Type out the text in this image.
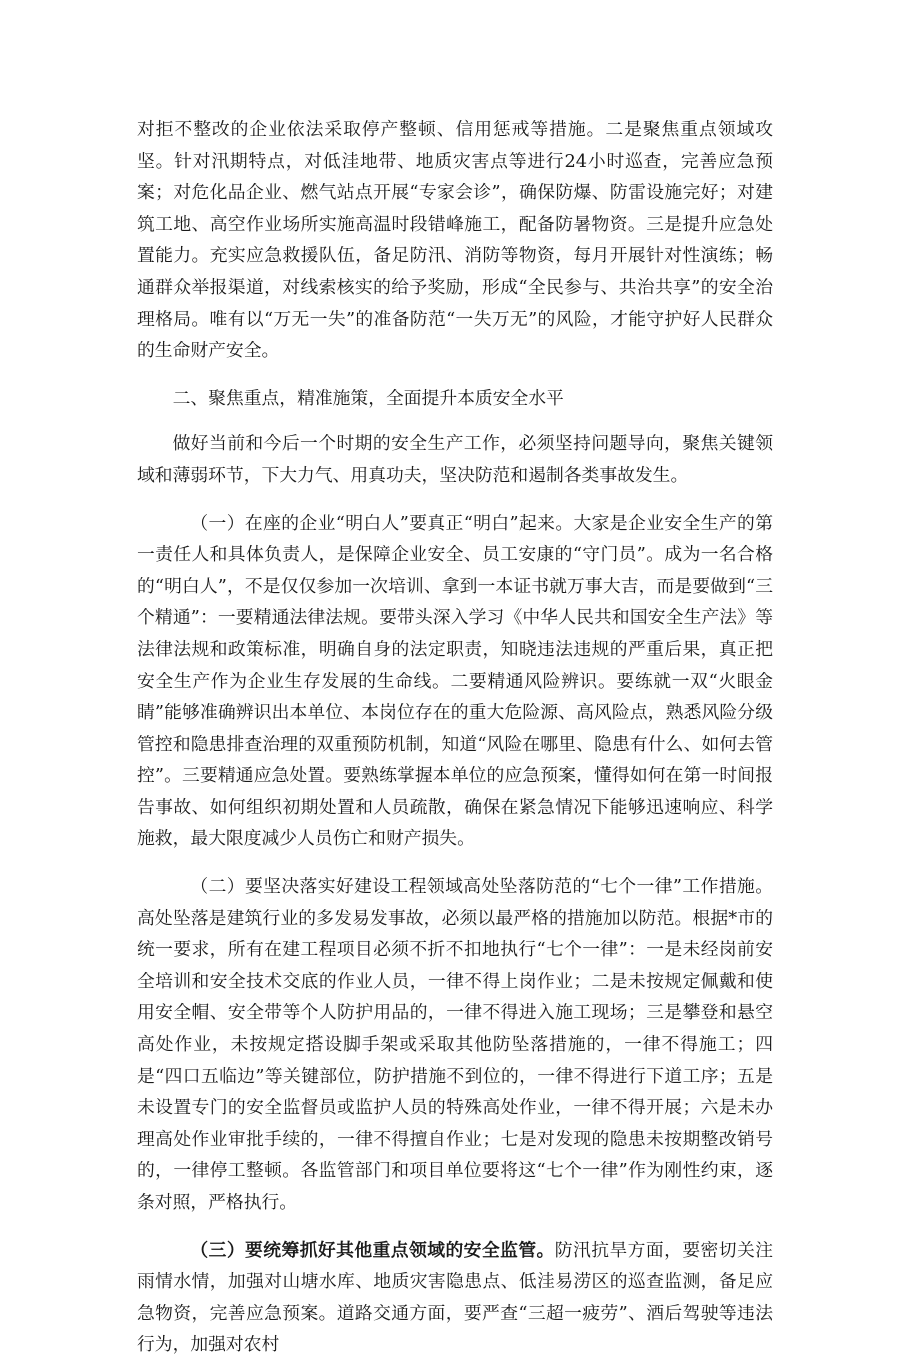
对拒不整改的企业依法采取停产整顿、信用惩戒等措施。二是聚焦重点领域攻坚。针对汛期特点，对低洼地带、地质灾害点等进行24小时巡查，完善应急预案；对危化品企业、燃气站点开展“专家会诊”，确保防爆、防雷设施完好；对建筑工地、高空作业场所实施高温时段错峰施工，配备防暑物资。三是提升应急处置能力。充实应急救援队伍，备足防汛、消防等物资，每月开展针对性演练；畅通群众举报渠道，对线索核实的给予奖励，形成“全民参与、共治共享”的安全治理格局。唯有以“万无一失”的准备防范“一失万无”的风险，才能守护好人民群众的生命财产安全。

二、聚焦重点，精准施策，全面提升本质安全水平

做好当前和今后一个时期的安全生产工作，必须坚持问题导向，聚焦关键领域和薄弱环节，下大力气、用真功夫，坚决防范和遏制各类事故发生。

（一）在座的企业“明白人”要真正“明白”起来。大家是企业安全生产的第一责任人和具体负责人，是保障企业安全、员工安康的“守门员”。成为一名合格的“明白人”，不是仅仅参加一次培训、拿到一本证书就万事大吉，而是要做到“三个精通”：一要精通法律法规。要带头深入学习《中华人民共和国安全生产法》等法律法规和政策标准，明确自身的法定职责，知晓违法违规的严重后果，真正把安全生产作为企业生存发展的生命线。二要精通风险辨识。要练就一双“火眼金睛”能够准确辨识出本单位、本岗位存在的重大危险源、高风险点，熟悉风险分级管控和隐患排查治理的双重预防机制，知道“风险在哪里、隐患有什么、如何去管控”。三要精通应急处置。要熟练掌握本单位的应急预案，懂得如何在第一时间报告事故、如何组织初期处置和人员疏散，确保在紧急情况下能够迅速响应、科学施救，最大限度减少人员伤亡和财产损失。

（二）要坚决落实好建设工程领域高处坠落防范的“七个一律”工作措施。高处坠落是建筑行业的多发易发事故，必须以最严格的措施加以防范。根据*市的统一要求，所有在建工程项目必须不折不扣地执行“七个一律”：一是未经岗前安全培训和安全技术交底的作业人员，一律不得上岗作业；二是未按规定佩戴和使用安全帽、安全带等个人防护用品的，一律不得进入施工现场；三是攀登和悬空高处作业，未按规定搭设脚手架或采取其他防坠落措施的，一律不得施工；四是“四口五临边”等关键部位，防护措施不到位的，一律不得进行下道工序；五是未设置专门的安全监督员或监护人员的特殊高处作业，一律不得开展；六是未办理高处作业审批手续的，一律不得擅自作业；七是对发现的隐患未按期整改销号的，一律停工整顿。各监管部门和项目单位要将这“七个一律”作为刚性约束，逐条对照，严格执行。

（三）要统筹抓好其他重点领域的安全监管。防汛抗旱方面，要密切关注雨情水情，加强对山塘水库、地质灾害隐患点、低洼易涝区的巡查监测，备足应急物资，完善应急预案。道路交通方面，要严查“三超一疲劳”、酒后驾驶等违法行为，加强对农村
